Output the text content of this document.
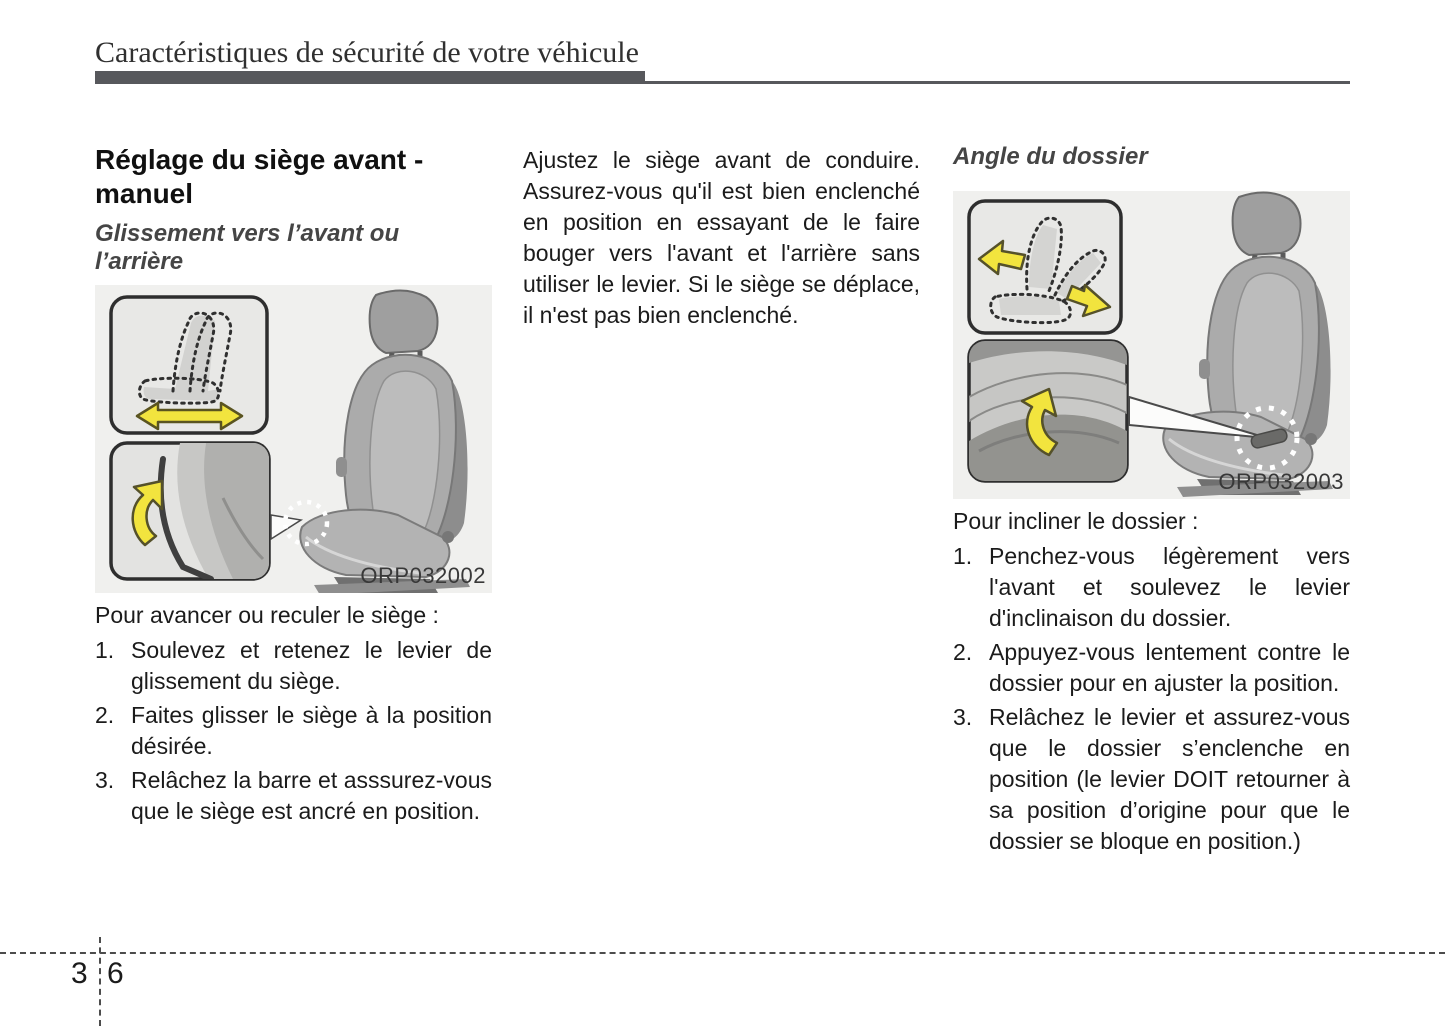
Caractéristiques de sécurité de votre véhicule
Réglage du siège avant - manuel
Glissement vers l’avant ou l’arrière
ORP032002

Pour avancer ou reculer le siège :

1. Soulevez et retenez le levier de glissement du siège.
2. Faites glisser le siège à la position désirée.
3. Relâchez la barre et asssurez-vous que le siège est ancré en position.

Ajustez le siège avant de conduire. Assurez-vous qu'il est bien enclenché en position en essayant de le faire bouger vers l'avant et l'arrière sans utiliser le levier. Si le siège se déplace, il n'est pas bien enclenché.

Angle du dossier
ORP032003

Pour incliner le dossier :

1. Penchez-vous légèrement vers l'avant et soulevez le levier d'inclinaison du dossier.
2. Appuyez-vous lentement contre le dossier pour en ajuster la position.
3. Relâchez le levier et assurez-vous que le dossier s’enclenche en position (le levier DOIT retourner à sa position d’origine pour que le dossier se bloque en position.)
3 6
